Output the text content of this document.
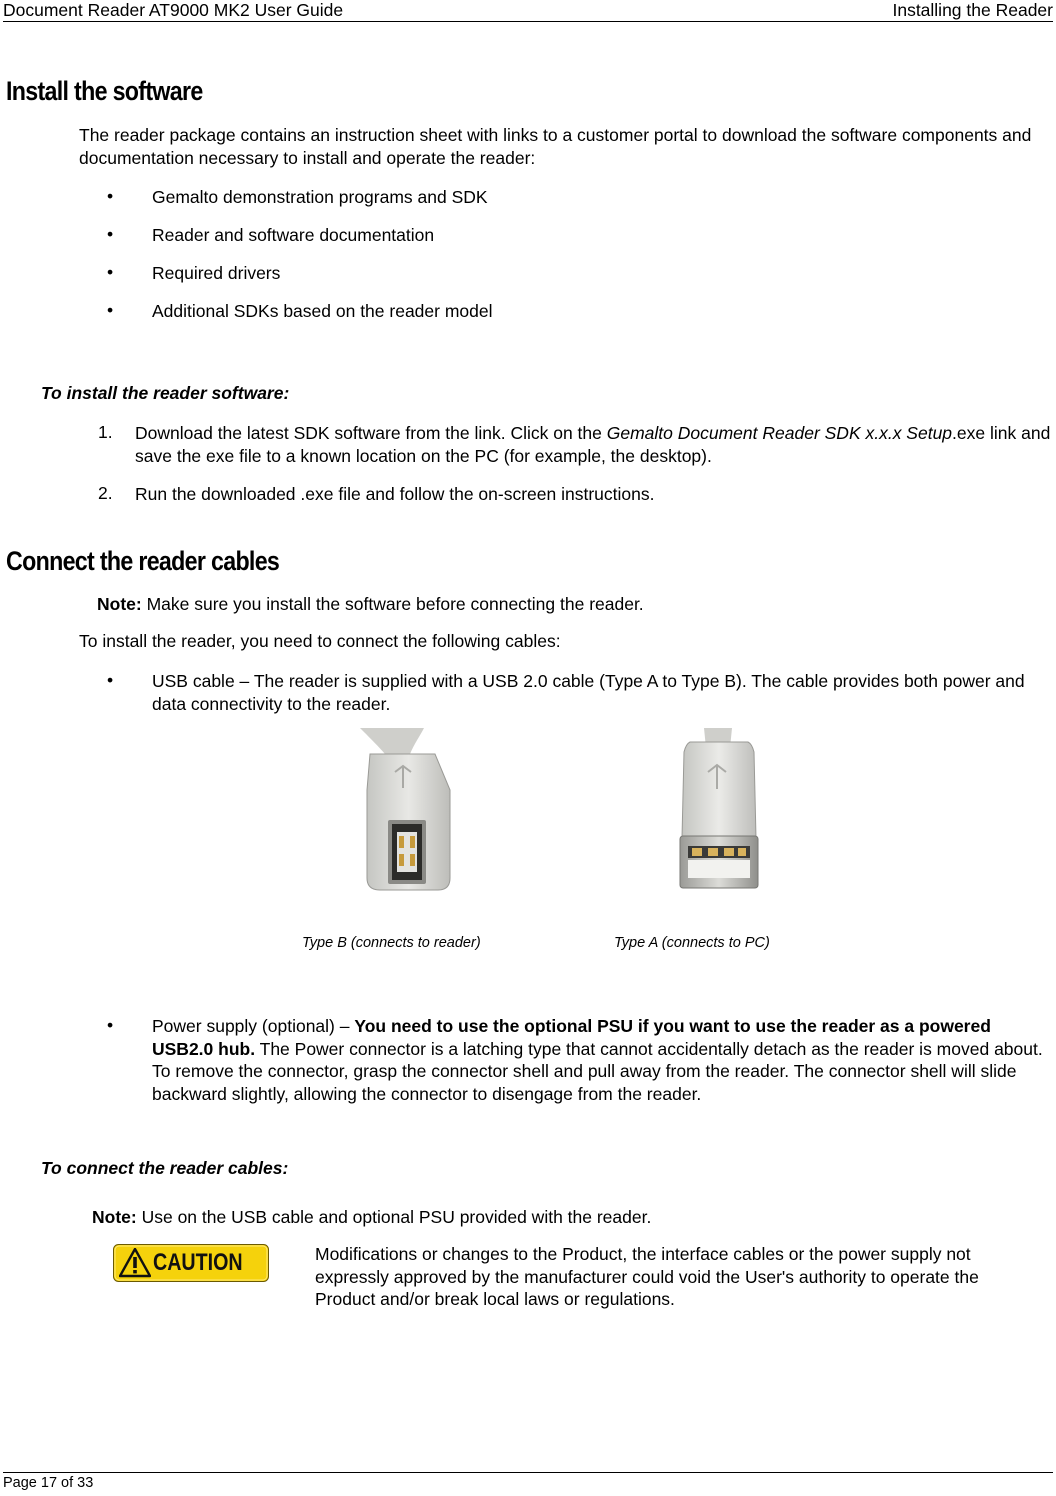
Document Reader AT9000 MK2 User Guide	Installing the Reader
Install the software
The reader package contains an instruction sheet with links to a customer portal to download the software components and documentation necessary to install and operate the reader:
• Gemalto demonstration programs and SDK
• Reader and software documentation
• Required drivers
• Additional SDKs based on the reader model
To install the reader software:
1. Download the latest SDK software from the link. Click on the Gemalto Document Reader SDK x.x.x Setup.exe link and save the exe file to a known location on the PC (for example, the desktop).
2. Run the downloaded .exe file and follow the on-screen instructions.
Connect the reader cables
Note: Make sure you install the software before connecting the reader.
To install the reader, you need to connect the following cables:
• USB cable – The reader is supplied with a USB 2.0 cable (Type A to Type B). The cable provides both power and data connectivity to the reader.
Type B (connects to reader)	Type A (connects to PC)
• Power supply (optional) – You need to use the optional PSU if you want to use the reader as a powered USB2.0 hub. The Power connector is a latching type that cannot accidentally detach as the reader is moved about. To remove the connector, grasp the connector shell and pull away from the reader. The connector shell will slide backward slightly, allowing the connector to disengage from the reader.
To connect the reader cables:
Note: Use on the USB cable and optional PSU provided with the reader.
CAUTION	Modifications or changes to the Product, the interface cables or the power supply not expressly approved by the manufacturer could void the User's authority to operate the Product and/or break local laws or regulations.
Page 17 of 33
